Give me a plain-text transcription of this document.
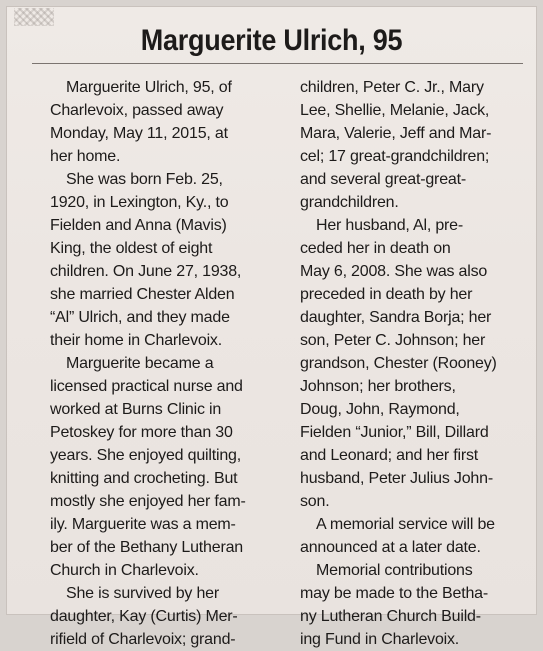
Marguerite Ulrich, 95

Marguerite Ulrich, 95, of
Charlevoix, passed away
Monday, May 11, 2015, at
her home.

She was born Feb. 25,
1920, in Lexington, Ky., to
Fielden and Anna (Mavis)
King, the oldest of eight
children. On June 27, 1938,
she married Chester Alden
“Al” Ulrich, and they made
their home in Charlevoix.

Marguerite became a
licensed practical nurse and
worked at Burns Clinic in
Petoskey for more than 30
years. She enjoyed quilting,
knitting and crocheting. But
mostly she enjoyed her fam-
ily. Marguerite was a mem-
ber of the Bethany Lutheran
Church in Charlevoix.

She is survived by her
daughter, Kay (Curtis) Mer-
rifield of Charlevoix; grand-

children, Peter C. Jr., Mary
Lee, Shellie, Melanie, Jack,
Mara, Valerie, Jeff and Mar-
cel; 17 great-grandchildren;
and several great-great-
grandchildren.

Her husband, Al, pre-
ceded her in death on
May 6, 2008. She was also
preceded in death by her
daughter, Sandra Borja; her
son, Peter C. Johnson; her
grandson, Chester (Rooney)
Johnson; her brothers,
Doug, John, Raymond,
Fielden “Junior,” Bill, Dillard
and Leonard; and her first
husband, Peter Julius John-
son.

A memorial service will be
announced at a later date.

Memorial contributions
may be made to the Betha-
ny Lutheran Church Build-
ing Fund in Charlevoix.
